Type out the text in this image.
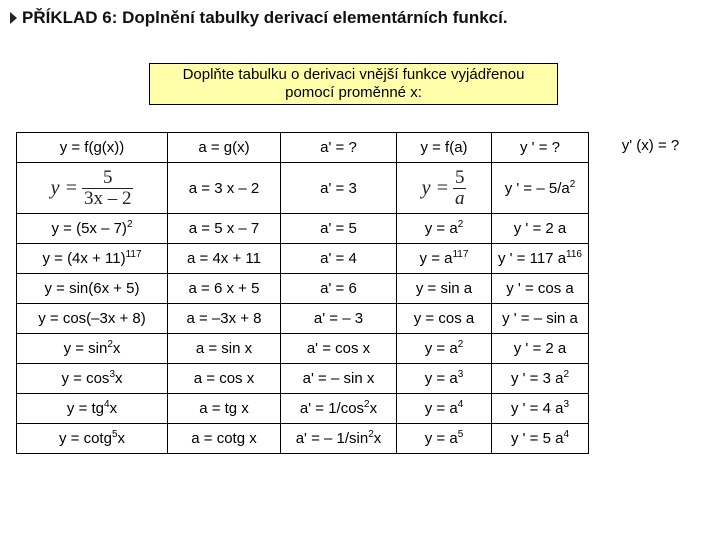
PŘÍKLAD 6: Doplnění tabulky derivací elementárních funkcí.
Doplňte tabulku o derivaci vnější funkce vyjádřenou
pomocí proměnné x:
y' (x) = ?
y = f(g(x))	a = g(x)	a' = ?	y = f(a)	y ' = ?

$y = \frac{5}{3x - 2}$	a = 3 x – 2	a' = 3	$y = \frac{5}{a}$	y ' = – $5/a^2$
y = (5x – 7)$^2$	a = 5 x – 7	a' = 5	$y = a^2$	y ' = 2 a
$y = (4x + 11)^{117}$	a = 4x + 11	a' = 4	$y = a^{117}$	y ' = 117 $a^{116}$
y = sin(6x + 5)	a = 6 x + 5	a' = 6	y = sin a	y ' = cos a
y = cos(–3x + 8)	a = –3x + 8	a' = – 3	y = cos a	y ' = – sin a
$y = \sin^2x$	a = sin x	a' = cos x	$y = a^2$	y ' = 2 a
$y = \cos^3x$	a = cos x	a' = – sin x	$y = a^3$	y ' = 3 $a^2$
$y = tg^4x$	a = tg x	$a' = 1/\cos^2x$	$y = a^4$	y ' = 4 $a^3$
y = cotg$^5$x	a = cotg x	a' = – $1/\sin^2x$	$y = a^5$	y ' = 5 $a^4$
